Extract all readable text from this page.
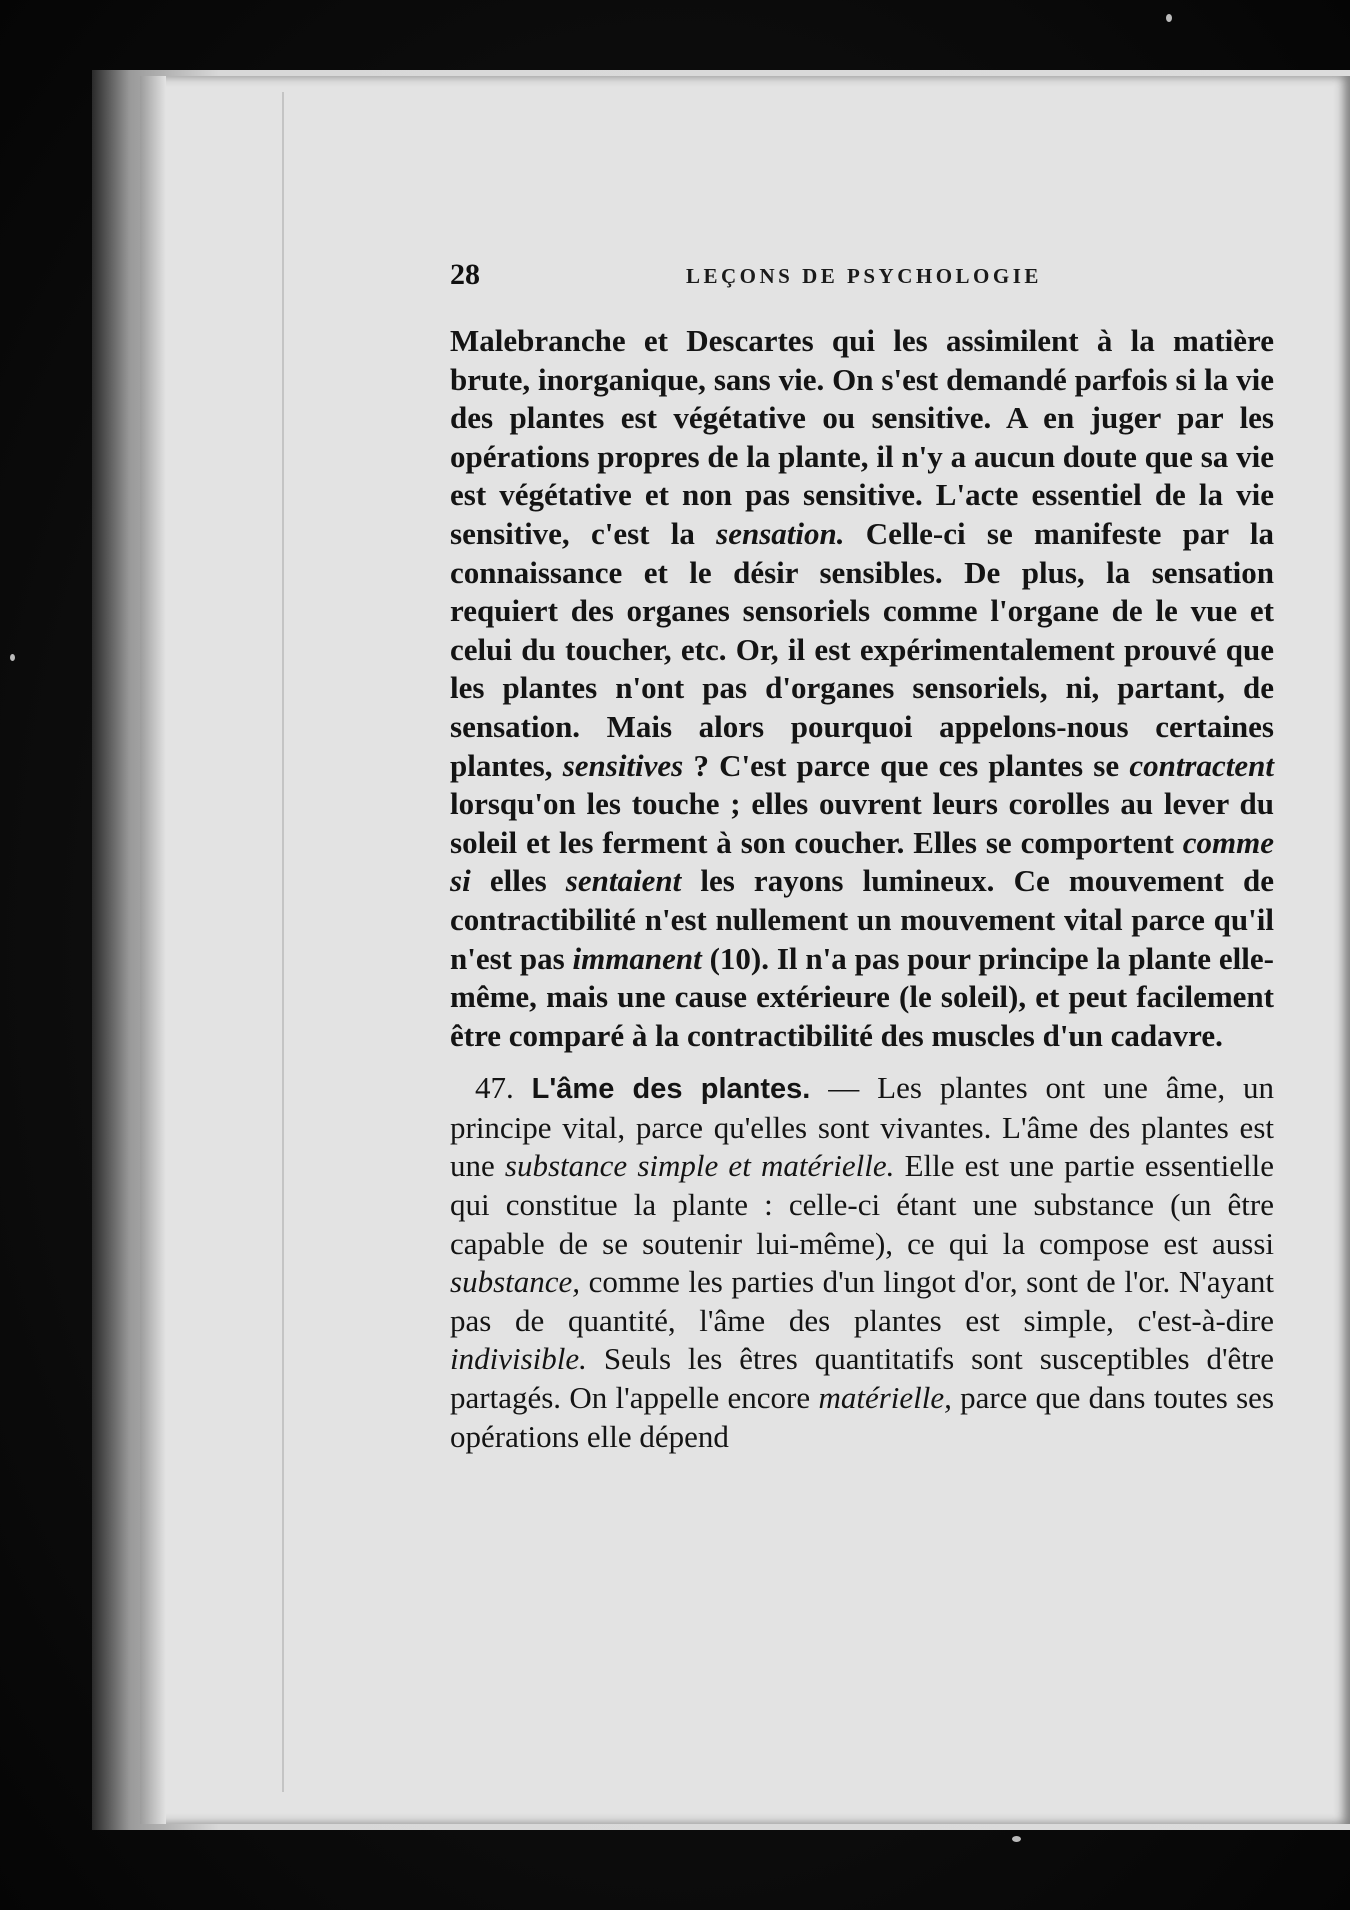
28	LEÇONS DE PSYCHOLOGIE

Malebranche et Descartes qui les assimilent à la matière brute, inorganique, sans vie. On s'est demandé parfois si la vie des plantes est végétative ou sensitive. A en juger par les opérations propres de la plante, il n'y a aucun doute que sa vie est végétative et non pas sensitive. L'acte essentiel de la vie sensitive, c'est la sensation. Celle-ci se manifeste par la connaissance et le désir sensibles. De plus, la sensation requiert des organes sensoriels comme l'organe de le vue et celui du toucher, etc. Or, il est expérimentalement prouvé que les plantes n'ont pas d'organes sensoriels, ni, partant, de sensation. Mais alors pourquoi appelons-nous certaines plantes, sensitives ? C'est parce que ces plantes se contractent lorsqu'on les touche ; elles ouvrent leurs corolles au lever du soleil et les ferment à son coucher. Elles se comportent comme si elles sentaient les rayons lumineux. Ce mouvement de contractibilité n'est nullement un mouvement vital parce qu'il n'est pas immanent (10). Il n'a pas pour principe la plante elle-même, mais une cause extérieure (le soleil), et peut facilement être comparé à la contractibilité des muscles d'un cadavre.

47. L'âme des plantes. — Les plantes ont une âme, un principe vital, parce qu'elles sont vivantes. L'âme des plantes est une substance simple et matérielle. Elle est une partie essentielle qui constitue la plante : celle-ci étant une substance (un être capable de se soutenir lui-même), ce qui la compose est aussi substance, comme les parties d'un lingot d'or, sont de l'or. N'ayant pas de quantité, l'âme des plantes est simple, c'est-à-dire indivisible. Seuls les êtres quantitatifs sont susceptibles d'être partagés. On l'appelle encore matérielle, parce que dans toutes ses opérations elle dépend
